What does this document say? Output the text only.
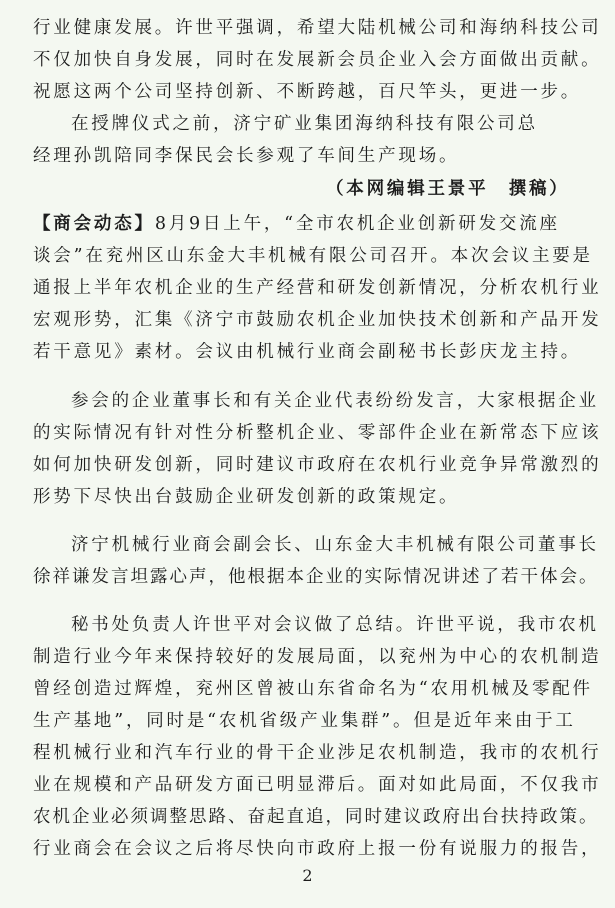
行业健康发展。许世平强调，希望大陆机械公司和海纳科技公司
不仅加快自身发展，同时在发展新会员企业入会方面做出贡献。
祝愿这两个公司坚持创新、不断跨越，百尺竿头，更进一步。
在授牌仪式之前，济宁矿业集团海纳科技有限公司总
经理孙凯陪同李保民会长参观了车间生产现场。
（本网编辑王景平　撰稿）
【商会动态】8月9日上午，“全市农机企业创新研发交流座
谈会”在兖州区山东金大丰机械有限公司召开。本次会议主要是
通报上半年农机企业的生产经营和研发创新情况，分析农机行业
宏观形势，汇集《济宁市鼓励农机企业加快技术创新和产品开发
若干意见》素材。会议由机械行业商会副秘书长彭庆龙主持。
参会的企业董事长和有关企业代表纷纷发言，大家根据企业
的实际情况有针对性分析整机企业、零部件企业在新常态下应该
如何加快研发创新，同时建议市政府在农机行业竞争异常激烈的
形势下尽快出台鼓励企业研发创新的政策规定。
济宁机械行业商会副会长、山东金大丰机械有限公司董事长
徐祥谦发言坦露心声，他根据本企业的实际情况讲述了若干体会。
秘书处负责人许世平对会议做了总结。许世平说，我市农机
制造行业今年来保持较好的发展局面，以兖州为中心的农机制造
曾经创造过辉煌，兖州区曾被山东省命名为“农用机械及零配件
生产基地”，同时是“农机省级产业集群”。但是近年来由于工
程机械行业和汽车行业的骨干企业涉足农机制造，我市的农机行
业在规模和产品研发方面已明显滞后。面对如此局面，不仅我市
农机企业必须调整思路、奋起直追，同时建议政府出台扶持政策。
行业商会在会议之后将尽快向市政府上报一份有说服力的报告，
2
